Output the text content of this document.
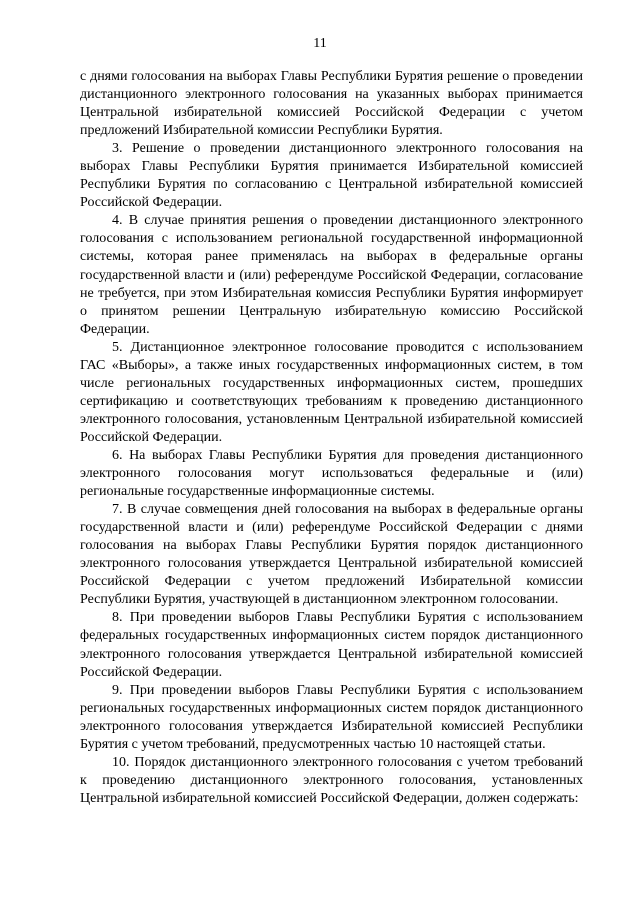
11

с днями голосования на выборах Главы Республики Бурятия решение о проведении дистанционного электронного голосования на указанных выборах принимается Центральной избирательной комиссией Российской Федерации с учетом предложений Избирательной комиссии Республики Бурятия.

3. Решение о проведении дистанционного электронного голосования на выборах Главы Республики Бурятия принимается Избирательной комиссией Республики Бурятия по согласованию с Центральной избирательной комиссией Российской Федерации.

4. В случае принятия решения о проведении дистанционного электронного голосования с использованием региональной государственной информационной системы, которая ранее применялась на выборах в федеральные органы государственной власти и (или) референдуме Российской Федерации, согласование не требуется, при этом Избирательная комиссия Республики Бурятия информирует о принятом решении Центральную избирательную комиссию Российской Федерации.

5. Дистанционное электронное голосование проводится с использованием ГАС «Выборы», а также иных государственных информационных систем, в том числе региональных государственных информационных систем, прошедших сертификацию и соответствующих требованиям к проведению дистанционного электронного голосования, установленным Центральной избирательной комиссией Российской Федерации.

6. На выборах Главы Республики Бурятия для проведения дистанционного электронного голосования могут использоваться федеральные и (или) региональные государственные информационные системы.

7. В случае совмещения дней голосования на выборах в федеральные органы государственной власти и (или) референдуме Российской Федерации с днями голосования на выборах Главы Республики Бурятия порядок дистанционного электронного голосования утверждается Центральной избирательной комиссией Российской Федерации с учетом предложений Избирательной комиссии Республики Бурятия, участвующей в дистанционном электронном голосовании.

8. При проведении выборов Главы Республики Бурятия с использованием федеральных государственных информационных систем порядок дистанционного электронного голосования утверждается Центральной избирательной комиссией Российской Федерации.

9. При проведении выборов Главы Республики Бурятия с использованием региональных государственных информационных систем порядок дистанционного электронного голосования утверждается Избирательной комиссией Республики Бурятия с учетом требований, предусмотренных частью 10 настоящей статьи.

10. Порядок дистанционного электронного голосования с учетом требований к проведению дистанционного электронного голосования, установленных Центральной избирательной комиссией Российской Федерации, должен содержать:
